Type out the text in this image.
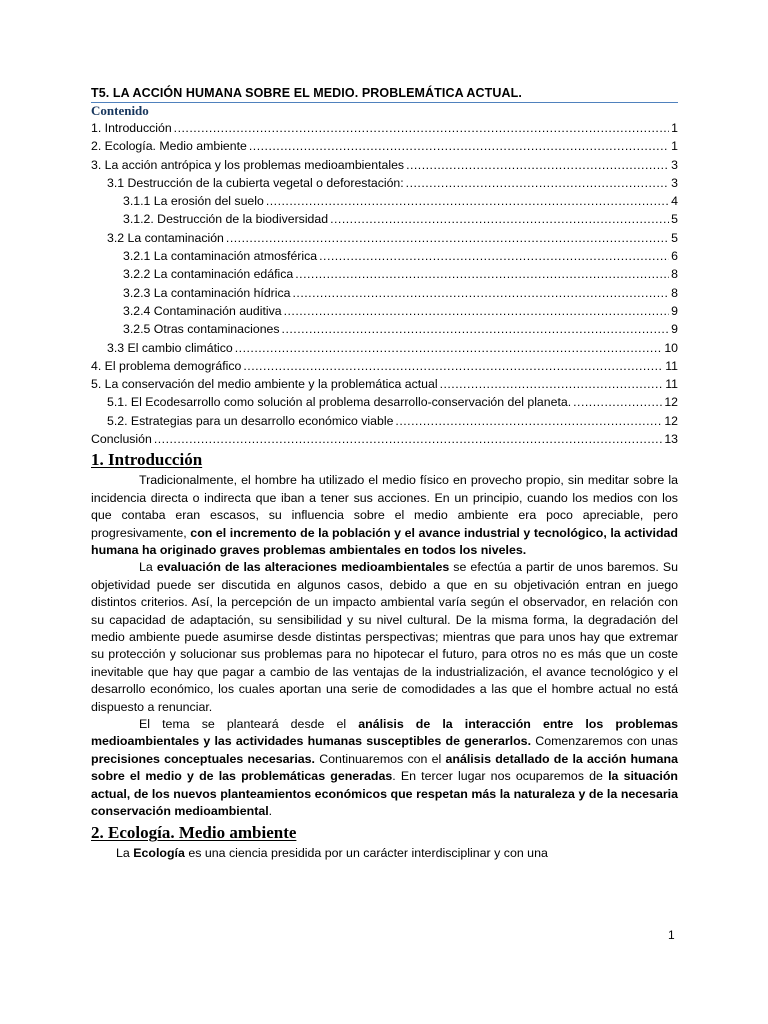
T5. LA ACCIÓN HUMANA SOBRE EL MEDIO. PROBLEMÁTICA ACTUAL.
Contenido
1. Introducción .....	1
2. Ecología. Medio ambiente .....	1
3. La acción antrópica y los problemas medioambientales .....	3
3.1 Destrucción de la cubierta vegetal o deforestación: .....	3
3.1.1 La erosión del suelo .....	4
3.1.2. Destrucción de la biodiversidad .....	5
3.2 La contaminación .....	5
3.2.1 La contaminación atmosférica .....	6
3.2.2 La contaminación edáfica .....	8
3.2.3 La contaminación hídrica .....	8
3.2.4 Contaminación auditiva .....	9
3.2.5 Otras contaminaciones .....	9
3.3 El cambio climático .....	10
4. El problema demográfico .....	11
5. La conservación del medio ambiente y la problemática actual .....	11
5.1. El Ecodesarrollo como solución al problema desarrollo-conservación del planeta. .....	12
5.2. Estrategias para un desarrollo económico viable .....	12
Conclusión .....	13
1. Introducción

Tradicionalmente, el hombre ha utilizado el medio físico en provecho propio, sin meditar sobre la incidencia directa o indirecta que iban a tener sus acciones. En un principio, cuando los medios con los que contaba eran escasos, su influencia sobre el medio ambiente era poco apreciable, pero progresivamente, con el incremento de la población y el avance industrial y tecnológico, la actividad humana ha originado graves problemas ambientales en todos los niveles.

La evaluación de las alteraciones medioambientales se efectúa a partir de unos baremos. Su objetividad puede ser discutida en algunos casos, debido a que en su objetivación entran en juego distintos criterios. Así, la percepción de un impacto ambiental varía según el observador, en relación con su capacidad de adaptación, su sensibilidad y su nivel cultural. De la misma forma, la degradación del medio ambiente puede asumirse desde distintas perspectivas; mientras que para unos hay que extremar su protección y solucionar sus problemas para no hipotecar el futuro, para otros no es más que un coste inevitable que hay que pagar a cambio de las ventajas de la industrialización, el avance tecnológico y el desarrollo económico, los cuales aportan una serie de comodidades a las que el hombre actual no está dispuesto a renunciar.

El tema se planteará desde el análisis de la interacción entre los problemas medioambientales y las actividades humanas susceptibles de generarlos. Comenzaremos con unas precisiones conceptuales necesarias. Continuaremos con el análisis detallado de la acción humana sobre el medio y de las problemáticas generadas. En tercer lugar nos ocuparemos de la situación actual, de los nuevos planteamientos económicos que respetan más la naturaleza y de la necesaria conservación medioambiental.

2. Ecología. Medio ambiente

La Ecología es una ciencia presidida por un carácter interdisciplinar y con una

1
